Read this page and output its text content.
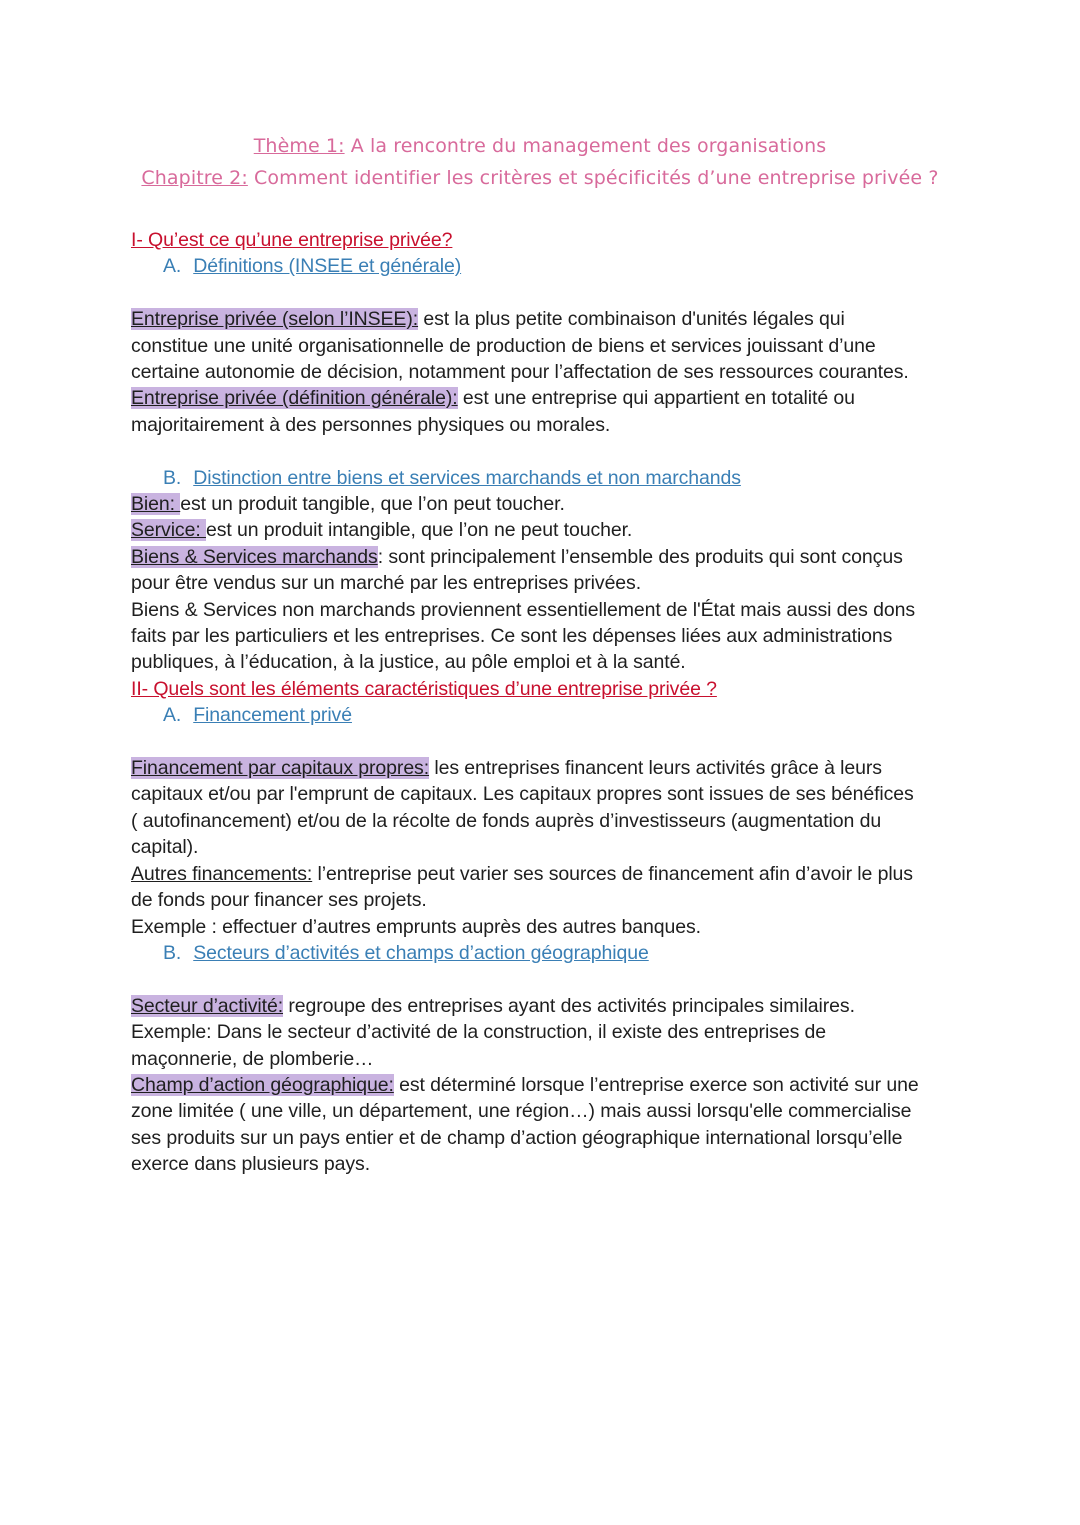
Thème 1: A la rencontre du management des organisations
Chapitre 2: Comment identifier les critères et spécificités d’une entreprise privée ?
I- Qu’est ce qu’une entreprise privée?
A. Définitions (INSEE et générale)
Entreprise privée (selon l’INSEE): est la plus petite combinaison d'unités légales qui
constitue une unité organisationnelle de production de biens et services jouissant d’une
certaine autonomie de décision, notamment pour l’affectation de ses ressources courantes.
Entreprise privée (définition générale): est une entreprise qui appartient en totalité ou
majoritairement à des personnes physiques ou morales.
B. Distinction entre biens et services marchands et non marchands
Bien: est un produit tangible, que l’on peut toucher.
Service: est un produit intangible, que l’on ne peut toucher.
Biens & Services marchands: sont principalement l’ensemble des produits qui sont conçus
pour être vendus sur un marché par les entreprises privées.
Biens & Services non marchands proviennent essentiellement de l'État mais aussi des dons
faits par les particuliers et les entreprises. Ce sont les dépenses liées aux administrations
publiques, à l’éducation, à la justice, au pôle emploi et à la santé.
II- Quels sont les éléments caractéristiques d’une entreprise privée ?
A. Financement privé
Financement par capitaux propres: les entreprises financent leurs activités grâce à leurs
capitaux et/ou par l'emprunt de capitaux. Les capitaux propres sont issues de ses bénéfices
( autofinancement) et/ou de la récolte de fonds auprès d’investisseurs (augmentation du
capital).
Autres financements: l’entreprise peut varier ses sources de financement afin d’avoir le plus
de fonds pour financer ses projets.
Exemple : effectuer d’autres emprunts auprès des autres banques.
B. Secteurs d’activités et champs d’action géographique
Secteur d’activité: regroupe des entreprises ayant des activités principales similaires.
Exemple: Dans le secteur d’activité de la construction, il existe des entreprises de
maçonnerie, de plomberie…
Champ d’action géographique: est déterminé lorsque l’entreprise exerce son activité sur une
zone limitée ( une ville, un département, une région…) mais aussi lorsqu'elle commercialise
ses produits sur un pays entier et de champ d’action géographique international lorsqu’elle
exerce dans plusieurs pays.
